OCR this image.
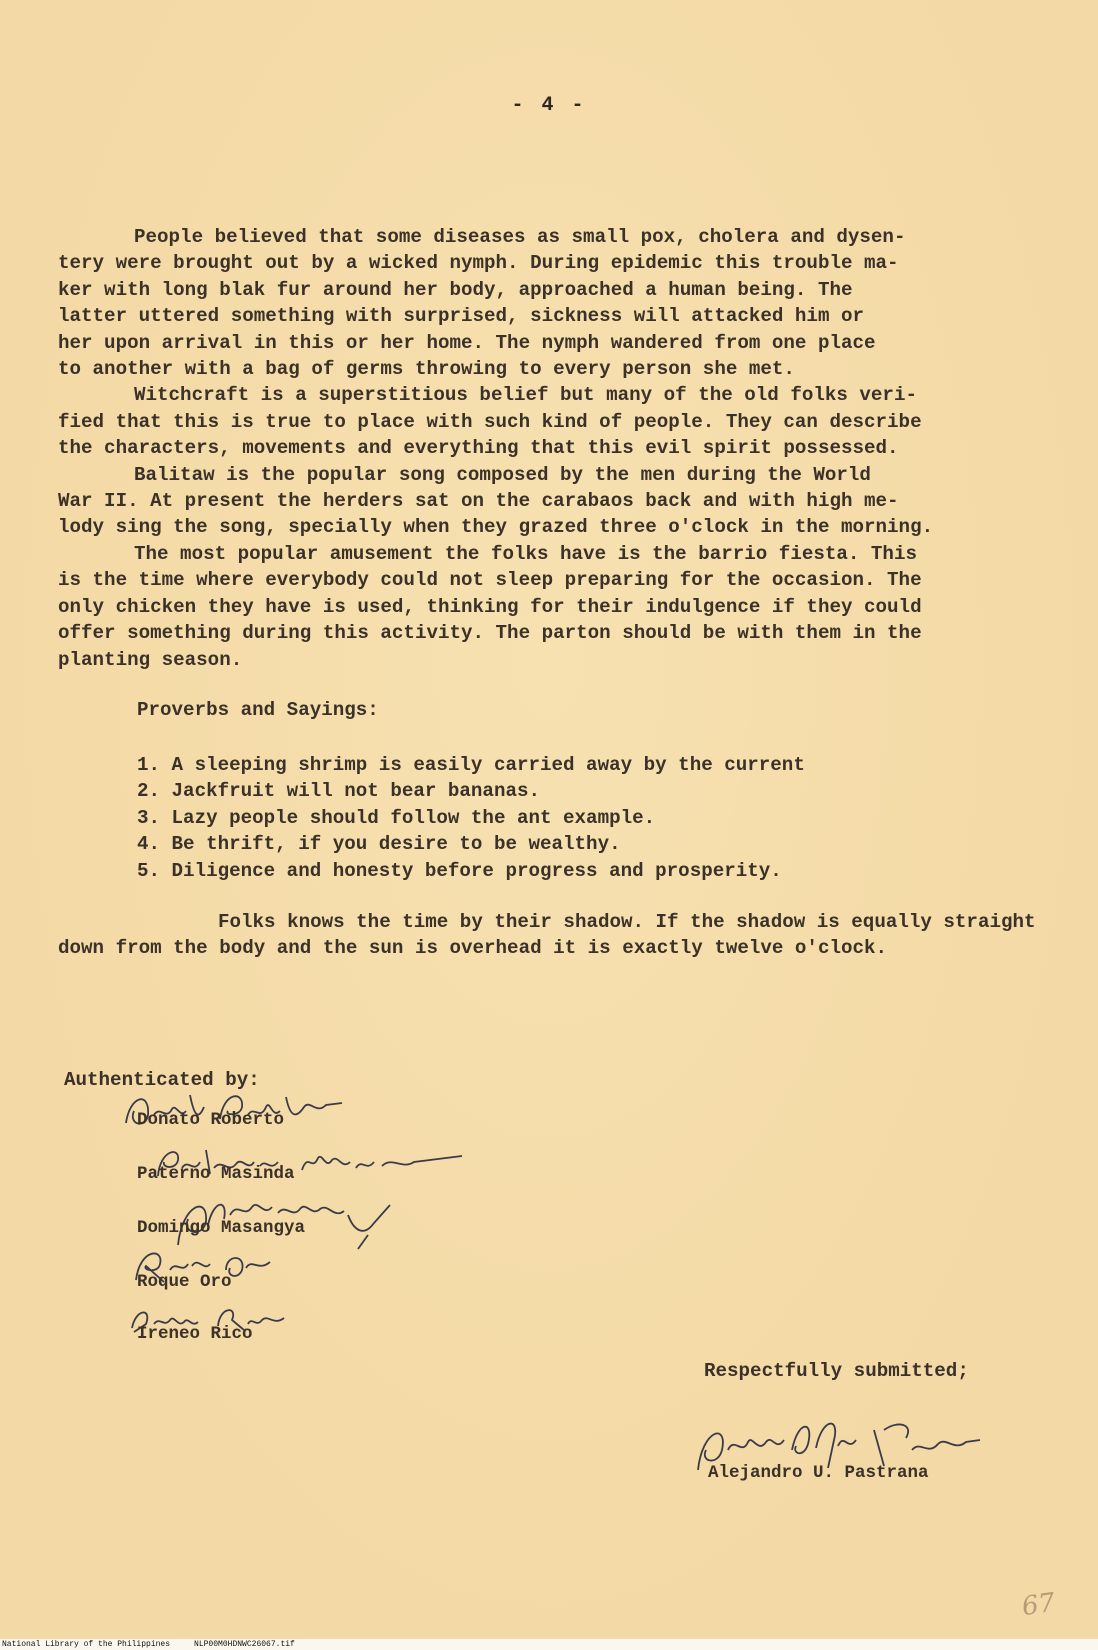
- 4 -

People believed that some diseases as small pox, cholera and dysen-
tery were brought out by a wicked nymph. During epidemic this trouble ma-
ker with long blak fur around her body, approached a human being. The
latter uttered something with surprised, sickness will attacked him or
her upon arrival in this or her home. The nymph wandered from one place
to another with a bag of germs throwing to every person she met.

Witchcraft is a superstitious belief but many of the old folks veri-
fied that this is true to place with such kind of people. They can describe
the characters, movements and everything that this evil spirit possessed.

Balitaw is the popular song composed by the men during the World
War II. At present the herders sat on the carabaos back and with high me-
lody sing the song, specially when they grazed three o'clock in the morning.

The most popular amusement the folks have is the barrio fiesta. This
is the time where everybody could not sleep preparing for the occasion. The
only chicken they have is used, thinking for their indulgence if they could
offer something during this activity. The parton should be with them in the
planting season.

Proverbs and Sayings:
1. A sleeping shrimp is easily carried away by the current
2. Jackfruit will not bear bananas.
3. Lazy people should follow the ant example.
4. Be thrift, if you desire to be wealthy.
5. Diligence and honesty before progress and prosperity.

Folks knows the time by their shadow. If the shadow is equally straight
down from the body and the sun is overhead it is exactly twelve o'clock.

Authenticated by:
Donato Roberto
Paterno Masinda
Domingo Masangya
Roque Oro
Ireneo Rico
Respectfully submitted;
Alejandro U. Pastrana
67
National Library of the Philippines     NLP00M0HDNWC26067.tif
